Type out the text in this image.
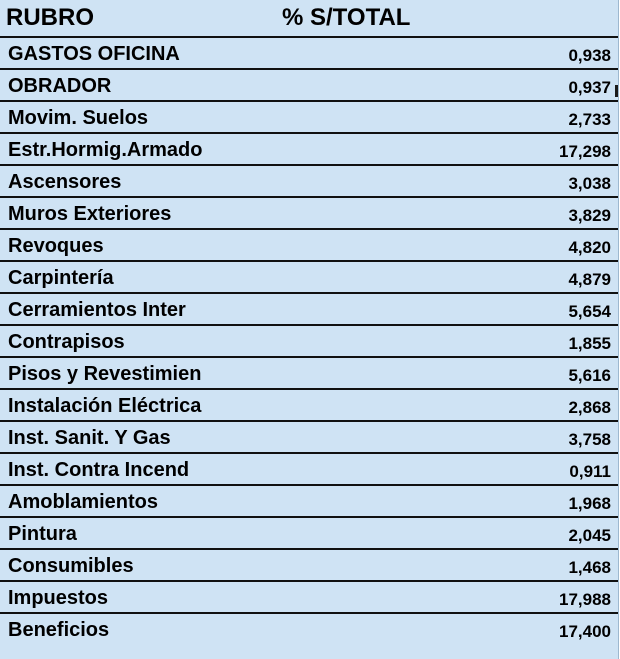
RUBRO	% S/TOTAL
GASTOS OFICINA	0,938
OBRADOR	0,937
Movim. Suelos	2,733
Estr.Hormig.Armado	17,298
Ascensores	3,038
Muros Exteriores	3,829
Revoques	4,820
Carpintería	4,879
Cerramientos Inter	5,654
Contrapisos	1,855
Pisos y Revestimien	5,616
Instalación Eléctrica	2,868
Inst. Sanit. Y Gas	3,758
Inst. Contra Incend	0,911
Amoblamientos	1,968
Pintura	2,045
Consumibles	1,468
Impuestos	17,988
Beneficios	17,400
